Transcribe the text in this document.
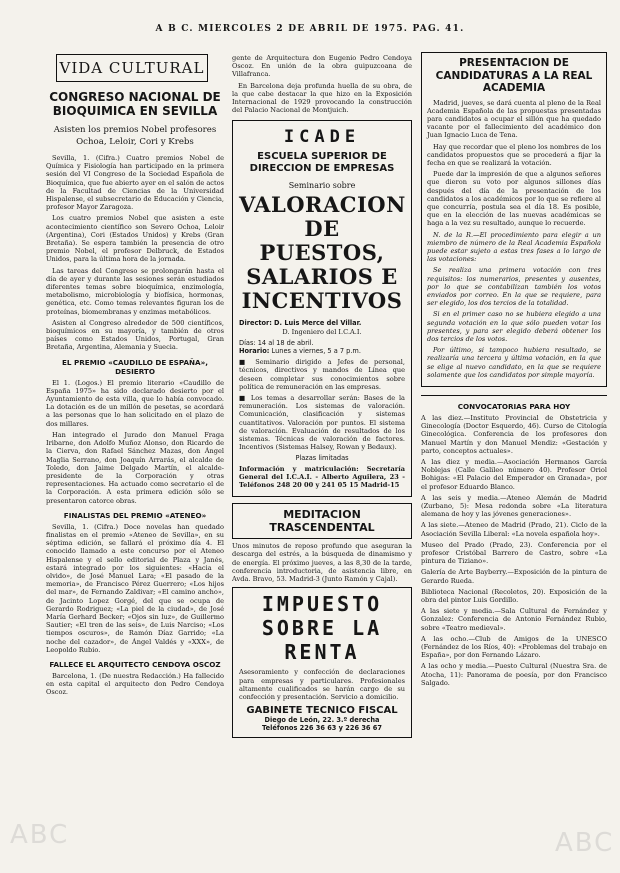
A B C. MIERCOLES 2 DE ABRIL DE 1975. PAG. 41.
VIDA CULTURAL
CONGRESO NACIONAL DE BIOQUIMICA EN SEVILLA
Asisten los premios Nobel profesores Ochoa, Leloir, Cori y Krebs

Sevilla, 1. (Cifra.) Cuatro premios Nobel de Química y Fisiología han participado en la primera sesión del VI Congreso de la Sociedad Española de Bioquímica, que fue abierto ayer en el salón de actos de la Facultad de Ciencias de la Universidad Hispalense, el subsecretario de Educación y Ciencia, profesor Mayor Zaragoza.

Los cuatro premios Nobel que asisten a este acontecimiento científico son Severo Ochoa, Leloir (Argentina), Cori (Estados Unidos) y Krebs (Gran Bretaña). Se espera también la presencia de otro premio Nobel, el profesor Delbruck, de Estados Unidos, para la última hora de la jornada.

Las tareas del Congreso se prolongarán hasta el día de ayer y durante las sesiones serán estudiados diferentes temas sobre bioquímica, enzimología, metabolismo, microbiología y biofísica, hormonas, genética, etc. Como temas relevantes figuran los de proteínas, biomembranas y enzimas metabólicos.

Asisten al Congreso alrededor de 500 científicos, bioquímicos en su mayoría, y también de otros países como Estados Unidos, Portugal, Gran Bretaña, Argentina, Alemania y Suecia.

EL PREMIO «CAUDILLO DE ESPAÑA», DESIERTO

El 1. (Logos.) El premio literario «Caudillo de España 1975» ha sido declarado desierto por el Ayuntamiento de esta villa, que lo había convocado. La dotación es de un millón de pesetas, se acordará a las personas que lo han solicitado en el plazo de dos millares.

Han integrado el Jurado don Manuel Fraga Iribarne, don Adolfo Muñoz Alonso, don Ricardo de la Cierva, don Rafael Sánchez Mazas, don Ángel Maglia Serrano, don Joaquín Arrarás, el alcalde de Toledo, don Jaime Delgado Martín, el alcalde-presidente de la Corporación y otras representaciones. Ha actuado como secretario el de la Corporación. A esta primera edición sólo se presentaron catorce obras.

FINALISTAS DEL PREMIO «ATENEO»

Sevilla, 1. (Cifra.) Doce novelas han quedado finalistas en el premio «Ateneo de Sevilla», en su séptima edición, se fallará el próximo día 4. El conocido llamado a este concurso por el Ateneo Hispalense y el sello editorial de Plaza y Janés, estará integrado por los siguientes: «Hacia el olvido», de José Manuel Lara; «El pasado de la memoria», de Francisco Pérez Guerrero; «Los hijos del mar», de Fernando Zaldivar; «El camino ancho», de Jacinto Lopez Gorgé, del que se ocupa de Gerardo Rodriguez; «La piel de la ciudad», de José María Gerhard Becker; «Ojos sin luz», de Guillermo Sautier; «El tren de las seis», de Luis Narciso; «Los tiempos oscuros», de Ramón Díaz Garrido; «La noche del cazador», de Ángel Valdés y «XXX», de Leopoldo Rubio.

FALLECE EL ARQUITECTO CENDOYA OSCOZ

Barcelona, 1. (De nuestra Redacción.) Ha fallecido en esta capital el arquitecto don Pedro Cendoya Oscoz.

gente de Arquitectura don Eugenio Pedro Cendoya Oscoz. En unión de la obra guipuzcoana de Villafranca.

En Barcelona deja profunda huella de su obra, de la que cabe destacar la que hizo en la Exposición Internacional de 1929 provocando la construcción del Palacio Nacional de Montjuich.

ICADE
ESCUELA SUPERIOR DE DIRECCION DE EMPRESAS
Seminario sobre
VALORACION DE PUESTOS, SALARIOS E INCENTIVOS
Director: D. Luis Merce del Villar.
D. Ingeniero del I.C.A.I.
Días: 14 al 18 de abril.
Horario: Lunes a viernes, 5 a 7 p.m.

■ Seminario dirigido a Jefes de personal, técnicos, directivos y mandos de Línea que deseen completar sus conocimientos sobre política de remuneración en las empresas.

■ Los temas a desarrollar serán: Bases de la remuneración. Los sistemas de valoración. Comunicación, clasificación y sistemas cuantitativos. Valoración por puntos. El sistema de valoración. Evaluación de resultados de los sistemas. Técnicas de valoración de factores. Incentivos (Sistemas Halsey, Rowan y Bedaux).

Plazas limitadas

Información y matriculación: Secretaría General del I.C.A.I. - Alberto Aguilera, 23 - Teléfonos 248 20 00 y 241 05 15 Madrid-15

MEDITACION TRASCENDENTAL

Unos minutos de reposo profundo que aseguran la descarga del estrés, a la búsqueda de dinamismo y de energía. El próximo jueves, a las 8,30 de la tarde, conferencia introductoria, de asistencia libre, en Avda. Bravo, 53. Madrid-3 (Junto Ramón y Cajal).

IMPUESTO SOBRE LA RENTA

Asesoramiento y confección de declaraciones para empresas y particulares. Profesionales altamente cualificados se harán cargo de su confección y presentación. Servicio a domicilio.

GABINETE TECNICO FISCAL
Diego de León, 22. 3.º derecha
Teléfonos 226 36 63 y 226 36 67
PRESENTACION DE CANDIDATURAS A LA REAL ACADEMIA

Madrid, jueves, se dará cuenta al pleno de la Real Academia Española de las propuestas presentadas para candidatos a ocupar el sillón que ha quedado vacante por el fallecimiento del académico don Juan Ignacio Luca de Tena.

Hay que recordar que el pleno los nombres de los candidatos propuestos que se procederá a fijar la fecha en que se realizará la votación.

Puede dar la impresión de que a algunos señores que dieron su voto por algunos sillones días después del día de la presentación de los candidatos a los académicos por lo que se refiere al que concurría, postula sea el día 18. Es posible, que en la elección de las nuevas académicas se haga a la vez su resultado, aunque lo recuerde.

N. de la R.—El procedimiento para elegir a un miembro de número de la Real Academia Española puede estar sujeto a estas tres fases a lo largo de las votaciones:

Se realiza una primera votación con tres requisitos: los numerarios, presentes y ausentes, por lo que se contabilizan también los votos enviados por correo. En la que se requiere, para ser elegido, los dos tercios de la totalidad.

Si en el primer caso no se hubiera elegido a una segunda votación en la que sólo pueden votar los presentes, y para ser elegido deberá obtener los dos tercios de los votos.

Por último, si tampoco hubiera resultado, se realizaría una tercera y última votación, en la que se elige al nuevo candidato, en la que se requiere solamente que los candidatos por simple mayoría.

CONVOCATORIAS PARA HOY

A las diez.—Instituto Provincial de Obstetricia y Ginecología (Doctor Esquerdo, 46). Curso de Citología Ginecológica. Conferencia de los profesores don Manuel Martín y don Manuel Mendiz: «Gestación y parto, conceptos actuales».

A las diez y media.—Asociación Hermanos García Noblejas (Calle Galileo número 40). Profesor Oriol Bohigas: «El Palacio del Emperador en Granada», por el profesor Eduardo Blanco.

A las seis y media.—Ateneo Alemán de Madrid (Zurbano, 5): Mesa redonda sobre «La literatura alemana de hoy y las jóvenes generaciones».

A las siete.—Ateneo de Madrid (Prado, 21). Ciclo de la Asociación Sevilla Liberal: «La novela española hoy».

Museo del Prado (Prado, 23). Conferencia por el profesor Cristóbal Barrero de Castro, sobre «La pintura de Tiziano».

Galería de Arte Bayberry.—Exposición de la pintura de Gerardo Rueda.

Biblioteca Nacional (Recoletos, 20). Exposición de la obra del pintor Luis Gordillo.

A las siete y media.—Sala Cultural de Fernández y Gonzalez: Conferencia de Antonio Fernández Rubio, sobre «Teatro medieval».

A las ocho.—Club de Amigos de la UNESCO (Fernández de los Ríos, 40): «Problemas del trabajo en España», por don Fernando Lázaro.

A las ocho y media.—Puesto Cultural (Nuestra Sra. de Atocha, 11): Panorama de poesía, por don Francisco Salgado.

ABC	ABC
